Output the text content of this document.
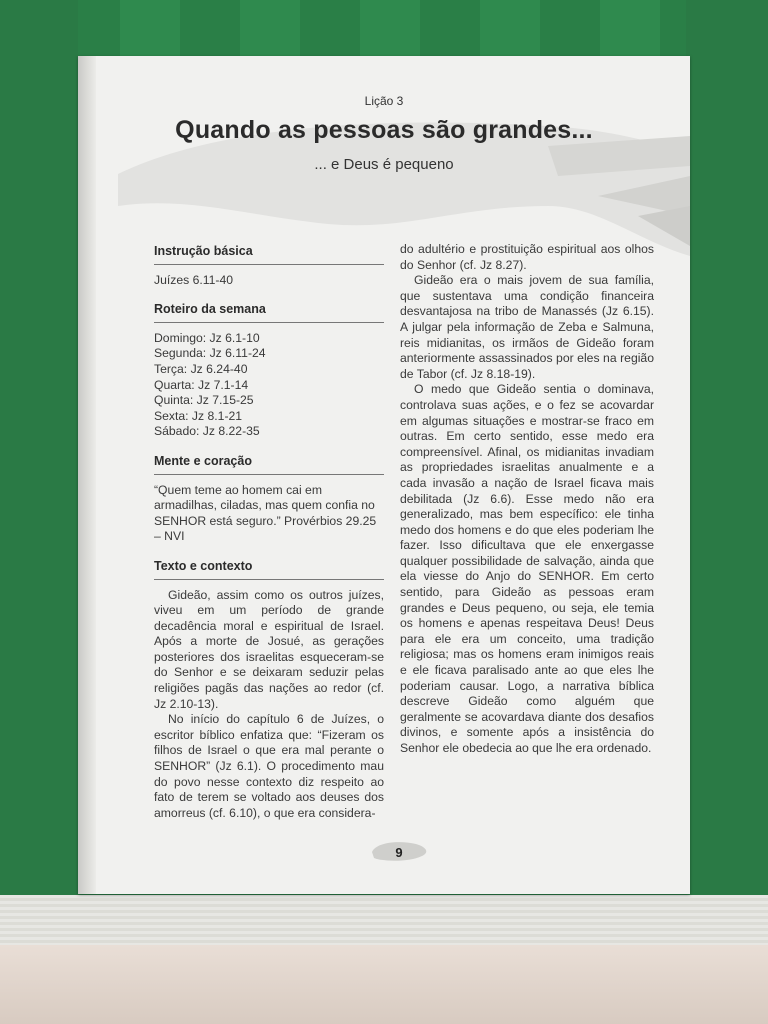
Lição 3
Quando as pessoas são grandes...
... e Deus é pequeno
Instrução básica

Juízes 6.11-40

Roteiro da semana

Domingo: Jz 6.1-10

Segunda: Jz 6.11-24

Terça: Jz 6.24-40

Quarta: Jz 7.1-14

Quinta: Jz 7.15-25

Sexta: Jz 8.1-21

Sábado: Jz 8.22-35

Mente e coração

“Quem teme ao homem cai em armadilhas, ciladas, mas quem confia no SENHOR está seguro.” Provérbios 29.25 – NVI

Texto e contexto

Gideão, assim como os outros juízes, viveu em um período de grande decadência moral e espiritual de Israel. Após a morte de Josué, as gerações posteriores dos israelitas esqueceram-se do Senhor e se deixaram seduzir pelas religiões pagãs das nações ao redor (cf. Jz 2.10-13).

No início do capítulo 6 de Juízes, o escritor bíblico enfatiza que: “Fizeram os filhos de Israel o que era mal perante o SENHOR” (Jz 6.1). O procedimento mau do povo nesse contexto diz respeito ao fato de terem se voltado aos deuses dos amorreus (cf. 6.10), o que era considera-

do adultério e prostituição espiritual aos olhos do Senhor (cf. Jz 8.27).

Gideão era o mais jovem de sua família, que sustentava uma condição financeira desvantajosa na tribo de Manassés (Jz 6.15). A julgar pela informação de Zeba e Salmuna, reis midianitas, os irmãos de Gideão foram anteriormente assassinados por eles na região de Tabor (cf. Jz 8.18-19).

O medo que Gideão sentia o dominava, controlava suas ações, e o fez se acovardar em algumas situações e mostrar-se fraco em outras. Em certo sentido, esse medo era compreensível. Afinal, os midianitas invadiam as propriedades israelitas anualmente e a cada invasão a nação de Israel ficava mais debilitada (Jz 6.6). Esse medo não era generalizado, mas bem específico: ele tinha medo dos homens e do que eles poderiam lhe fazer. Isso dificultava que ele enxergasse qualquer possibilidade de salvação, ainda que ela viesse do Anjo do SENHOR. Em certo sentido, para Gideão as pessoas eram grandes e Deus pequeno, ou seja, ele temia os homens e apenas respeitava Deus! Deus para ele era um conceito, uma tradição religiosa; mas os homens eram inimigos reais e ele ficava paralisado ante ao que eles lhe poderiam causar. Logo, a narrativa bíblica descreve Gideão como alguém que geralmente se acovardava diante dos desafios divinos, e somente após a insistência do Senhor ele obedecia ao que lhe era ordenado.

9
